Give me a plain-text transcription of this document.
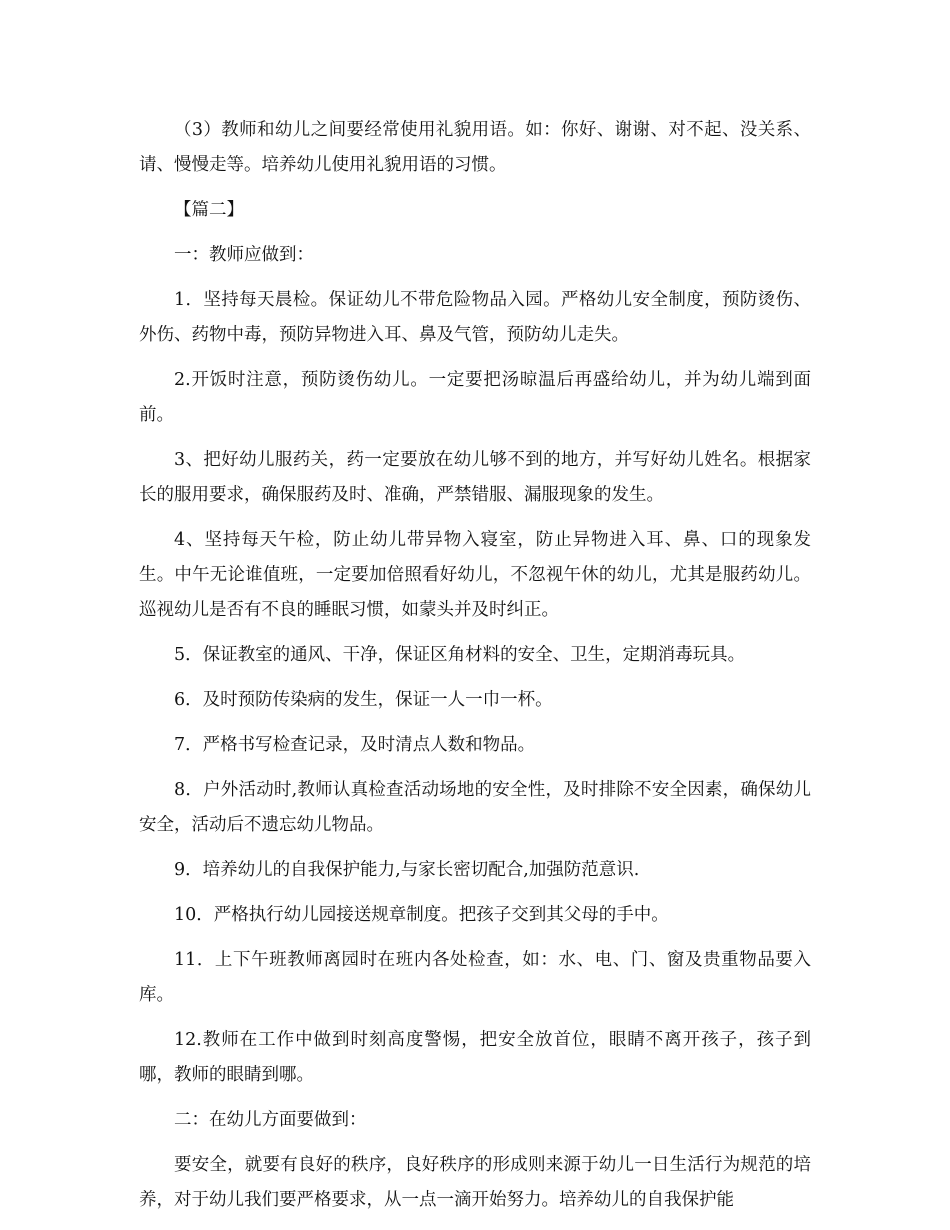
（3）教师和幼儿之间要经常使用礼貌用语。如：你好、谢谢、对不起、没关系、请、慢慢走等。培养幼儿使用礼貌用语的习惯。

【篇二】

一：教师应做到：

1．坚持每天晨检。保证幼儿不带危险物品入园。严格幼儿安全制度，预防烫伤、外伤、药物中毒，预防异物进入耳、鼻及气管，预防幼儿走失。

2.开饭时注意，预防烫伤幼儿。一定要把汤晾温后再盛给幼儿，并为幼儿端到面前。

3、把好幼儿服药关，药一定要放在幼儿够不到的地方，并写好幼儿姓名。根据家长的服用要求，确保服药及时、准确，严禁错服、漏服现象的发生。

4、坚持每天午检，防止幼儿带异物入寝室，防止异物进入耳、鼻、口的现象发生。中午无论谁值班，一定要加倍照看好幼儿，不忽视午休的幼儿，尤其是服药幼儿。巡视幼儿是否有不良的睡眠习惯，如蒙头并及时纠正。

5．保证教室的通风、干净，保证区角材料的安全、卫生，定期消毒玩具。

6．及时预防传染病的发生，保证一人一巾一杯。

7．严格书写检查记录，及时清点人数和物品。

8．户外活动时,教师认真检查活动场地的安全性，及时排除不安全因素，确保幼儿安全，活动后不遗忘幼儿物品。

9．培养幼儿的自我保护能力,与家长密切配合,加强防范意识.

10．严格执行幼儿园接送规章制度。把孩子交到其父母的手中。

11．上下午班教师离园时在班内各处检查，如：水、电、门、窗及贵重物品要入库。

12.教师在工作中做到时刻高度警惕，把安全放首位，眼睛不离开孩子，孩子到哪，教师的眼睛到哪。

二：在幼儿方面要做到：

要安全，就要有良好的秩序，良好秩序的形成则来源于幼儿一日生活行为规范的培养，对于幼儿我们要严格要求，从一点一滴开始努力。培养幼儿的自我保护能
